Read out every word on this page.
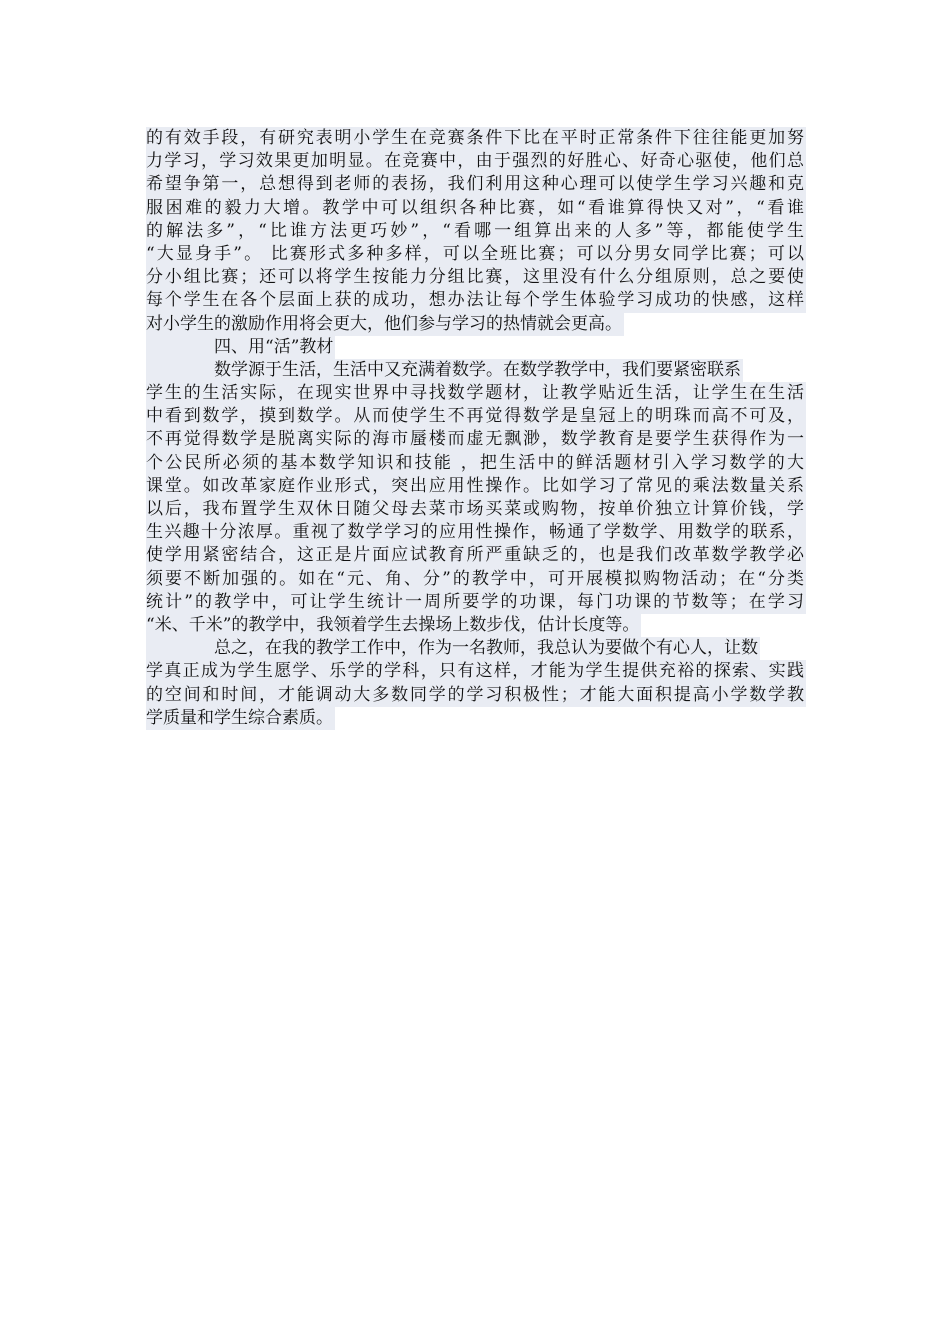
的有效手段，有研究表明小学生在竞赛条件下比在平时正常条件下往往能更加努
力学习，学习效果更加明显。在竞赛中，由于强烈的好胜心、好奇心驱使，他们总
希望争第一，总想得到老师的表扬，我们利用这种心理可以使学生学习兴趣和克
服困难的毅力大增。教学中可以组织各种比赛，如“看谁算得快又对”，“看谁
的解法多”，“比谁方法更巧妙”，“看哪一组算出来的人多”等，都能使学生
“大显身手”。 比赛形式多种多样，可以全班比赛；可以分男女同学比赛；可以
分小组比赛；还可以将学生按能力分组比赛，这里没有什么分组原则，总之要使
每个学生在各个层面上获的成功，想办法让每个学生体验学习成功的快感，这样
对小学生的激励作用将会更大，他们参与学习的热情就会更高。
四、用“活”教材
数学源于生活，生活中又充满着数学。在数学教学中，我们要紧密联系
学生的生活实际，在现实世界中寻找数学题材，让教学贴近生活，让学生在生活
中看到数学，摸到数学。从而使学生不再觉得数学是皇冠上的明珠而高不可及，
不再觉得数学是脱离实际的海市蜃楼而虚无飘渺，数学教育是要学生获得作为一
个公民所必须的基本数学知识和技能 ，把生活中的鲜活题材引入学习数学的大
课堂。如改革家庭作业形式，突出应用性操作。比如学习了常见的乘法数量关系
以后，我布置学生双休日随父母去菜市场买菜或购物，按单价独立计算价钱，学
生兴趣十分浓厚。重视了数学学习的应用性操作，畅通了学数学、用数学的联系，
使学用紧密结合，这正是片面应试教育所严重缺乏的，也是我们改革数学教学必
须要不断加强的。如在“元、角、分”的教学中，可开展模拟购物活动；在“分类
统计”的教学中，可让学生统计一周所要学的功课，每门功课的节数等；在学习
“米、千米”的教学中，我领着学生去操场上数步伐，估计长度等。
总之，在我的教学工作中，作为一名教师，我总认为要做个有心人，让数
学真正成为学生愿学、乐学的学科，只有这样，才能为学生提供充裕的探索、实践
的空间和时间，才能调动大多数同学的学习积极性；才能大面积提高小学数学教
学质量和学生综合素质。
